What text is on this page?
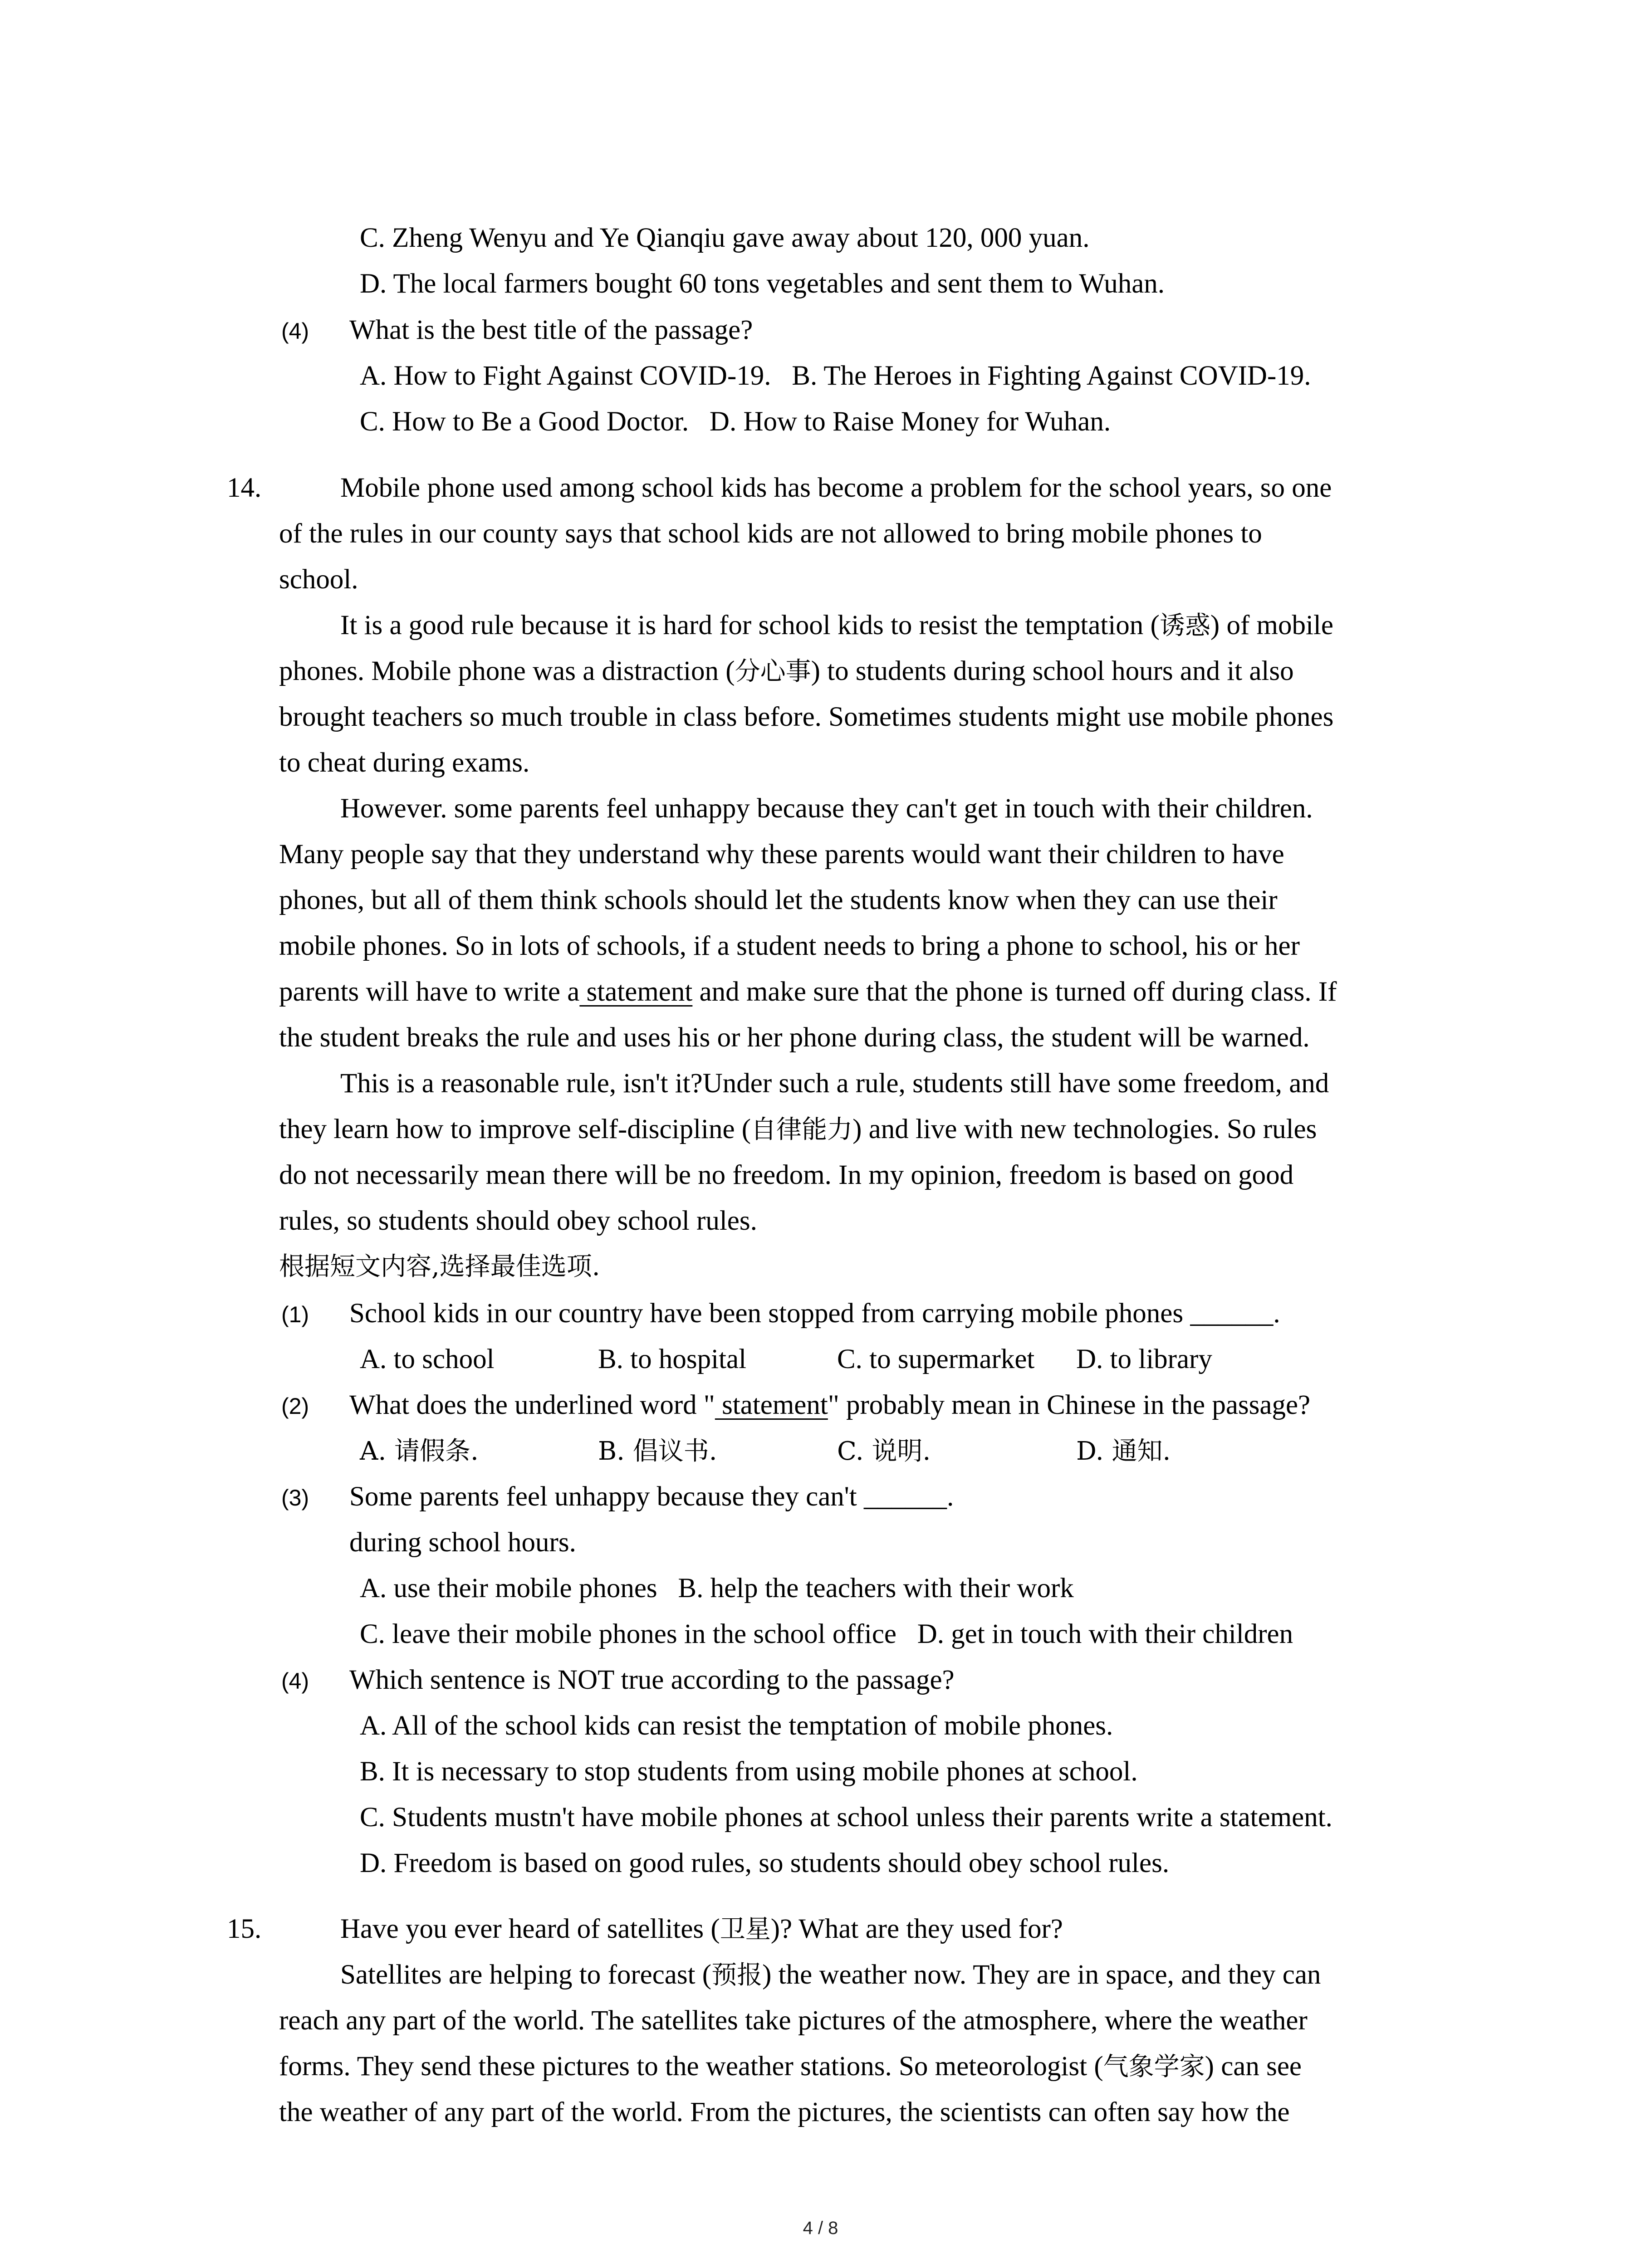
C. Zheng Wenyu and Ye Qianqiu gave away about 120, 000 yuan.
D. The local farmers bought 60 tons vegetables and sent them to Wuhan.
(4) What is the best title of the passage?
A. How to Fight Against COVID-19.   B. The Heroes in Fighting Against COVID-19.
C. How to Be a Good Doctor.   D. How to Raise Money for Wuhan.
14.	Mobile phone used among school kids has become a problem for the school years, so one
of the rules in our county says that school kids are not allowed to bring mobile phones to
school.
It is a good rule because it is hard for school kids to resist the temptation (诱惑) of mobile
phones. Mobile phone was a distraction (分心事) to students during school hours and it also
brought teachers so much trouble in class before. Sometimes students might use mobile phones
to cheat during exams.
However. some parents feel unhappy because they can't get in touch with their children.
Many people say that they understand why these parents would want their children to have
phones, but all of them think schools should let the students know when they can use their
mobile phones. So in lots of schools, if a student needs to bring a phone to school, his or her
parents will have to write a statement and make sure that the phone is turned off during class. If
the student breaks the rule and uses his or her phone during class, the student will be warned.
This is a reasonable rule, isn't it?Under such a rule, students still have some freedom, and
they learn how to improve self-discipline (自律能力) and live with new technologies. So rules
do not necessarily mean there will be no freedom. In my opinion, freedom is based on good
rules, so students should obey school rules.
根据短文内容,选择最佳选项.
(1) School kids in our country have been stopped from carrying mobile phones ______.
A. to school	B. to hospital	C. to supermarket D. to library
(2) What does the underlined word " statement" probably mean in Chinese in the passage?
A. 请假条.	B. 倡议书.	C. 说明.	D. 通知.
(3) Some parents feel unhappy because they can't ______.
during school hours.
A. use their mobile phones   B. help the teachers with their work
C. leave their mobile phones in the school office   D. get in touch with their children
(4) Which sentence is NOT true according to the passage?
A. All of the school kids can resist the temptation of mobile phones.
B. It is necessary to stop students from using mobile phones at school.
C. Students mustn't have mobile phones at school unless their parents write a statement.
D. Freedom is based on good rules, so students should obey school rules.
15.	Have you ever heard of satellites (卫星)? What are they used for?
Satellites are helping to forecast (预报) the weather now. They are in space, and they can
reach any part of the world. The satellites take pictures of the atmosphere, where the weather
forms. They send these pictures to the weather stations. So meteorologist (气象学家) can see
the weather of any part of the world. From the pictures, the scientists can often say how the
4 / 8
